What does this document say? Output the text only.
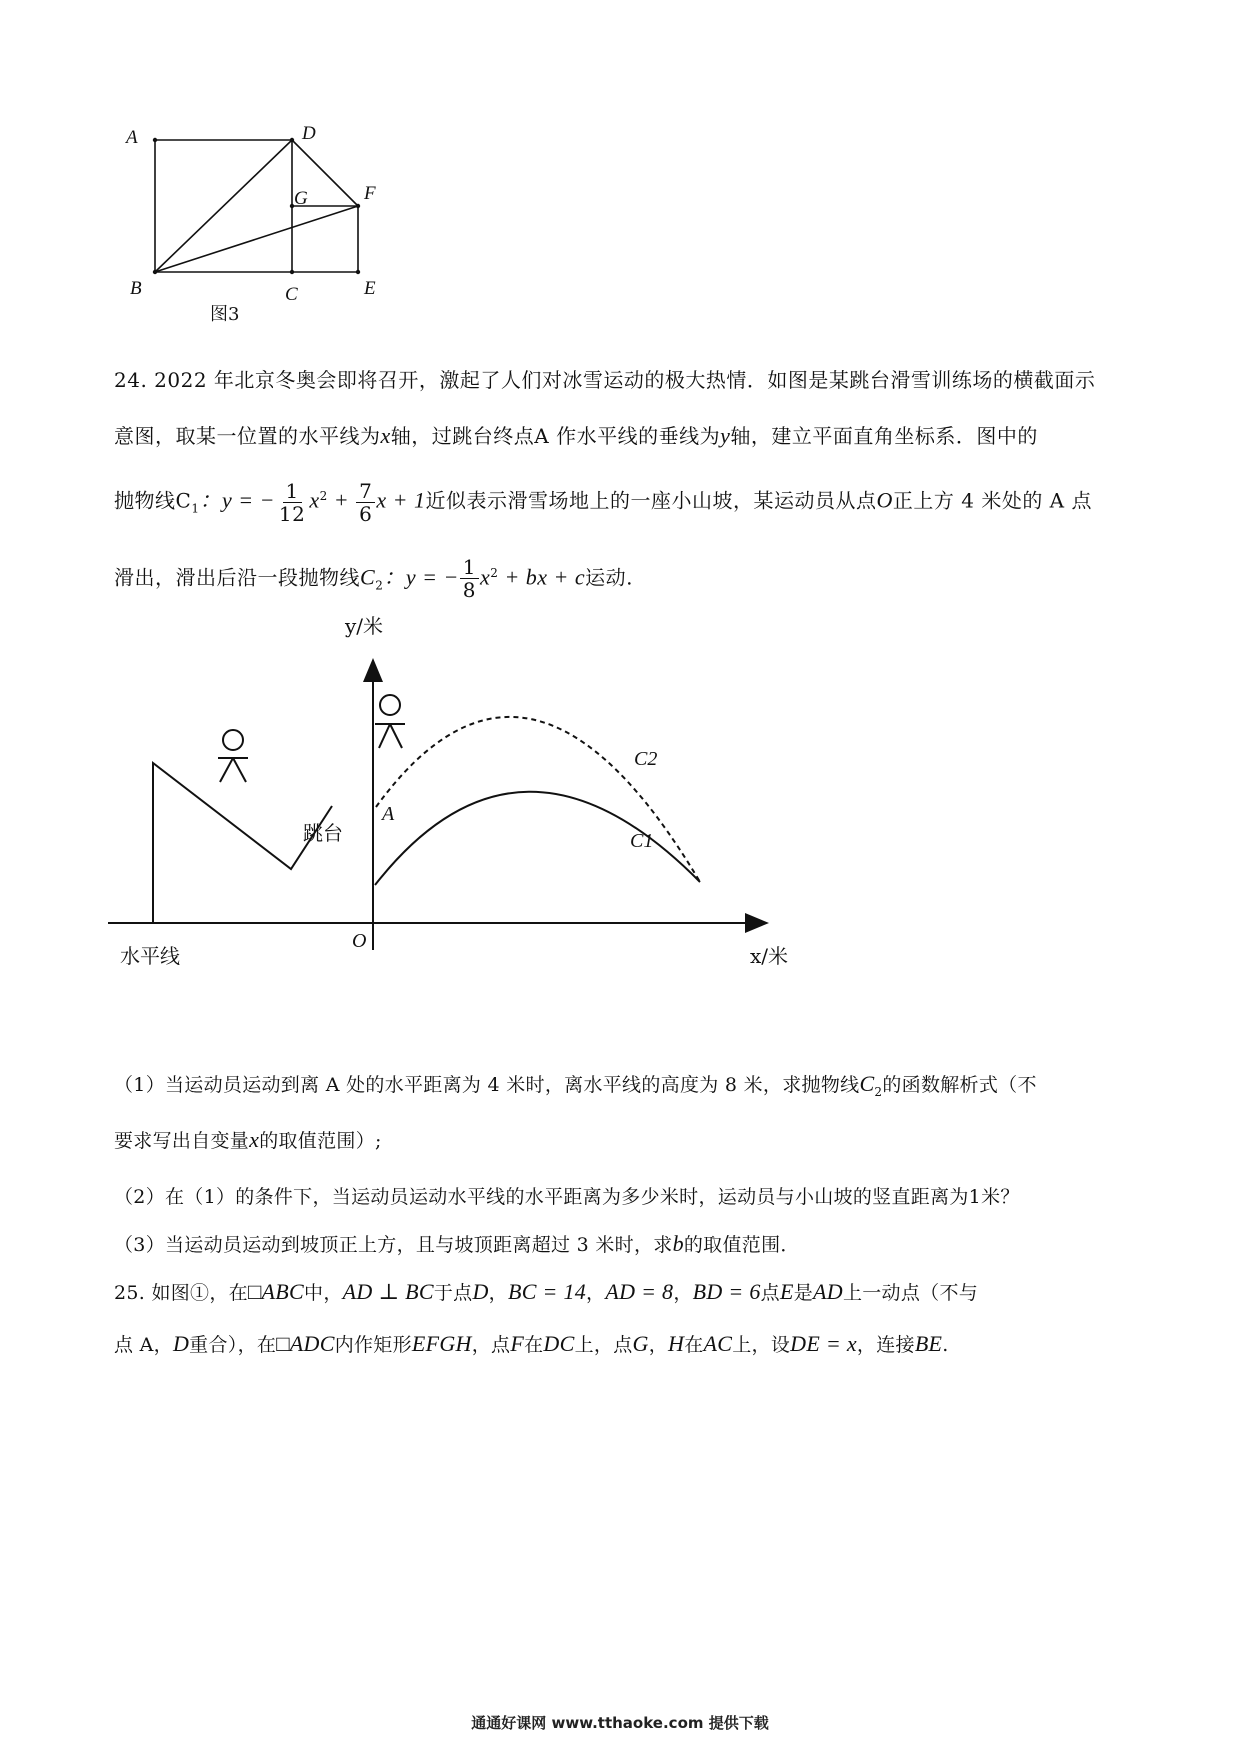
A	D
G	F
B	C	E
图3
24. 2022 年北京冬奥会即将召开，激起了人们对冰雪运动的极大热情．如图是某跳台滑雪训练场的横截面示
意图，取某一位置的水平线为x轴，过跳台终点A 作水平线的垂线为y轴，建立平面直角坐标系．图中的
抛物线$C_1$：y = − $\frac{1}{12} x^2 + \frac{7}{6}$ x + 1近似表示滑雪场地上的一座小山坡，某运动员从点O正上方 4 米处的 A 点
滑出，滑出后沿一段抛物线$C_2$：y = − $\frac{1}{8} x^2$ + bx + c运动.
y/米
x/米
O
A
跳台
水平线
C2
C1
（1）当运动员运动到离 A 处的水平距离为 4 米时，离水平线的高度为 8 米，求抛物线$C_2$的函数解析式（不
要求写出自变量x的取值范围）;
（2）在（1）的条件下，当运动员运动水平线的水平距离为多少米时，运动员与小山坡的竖直距离为1米？
（3）当运动员运动到坡顶正上方，且与坡顶距离超过 3 米时，求b的取值范围．
25. 如图①，在□ABC中，AD ⊥ BC于点D，BC = 14，AD = 8，BD = 6点E是AD上一动点（不与
点 A，D重合），在□ADC内作矩形EFGH，点F在DC上，点G，H在AC上，设DE = x，连接BE.
通通好课网 www.tthaoke.com 提供下载
